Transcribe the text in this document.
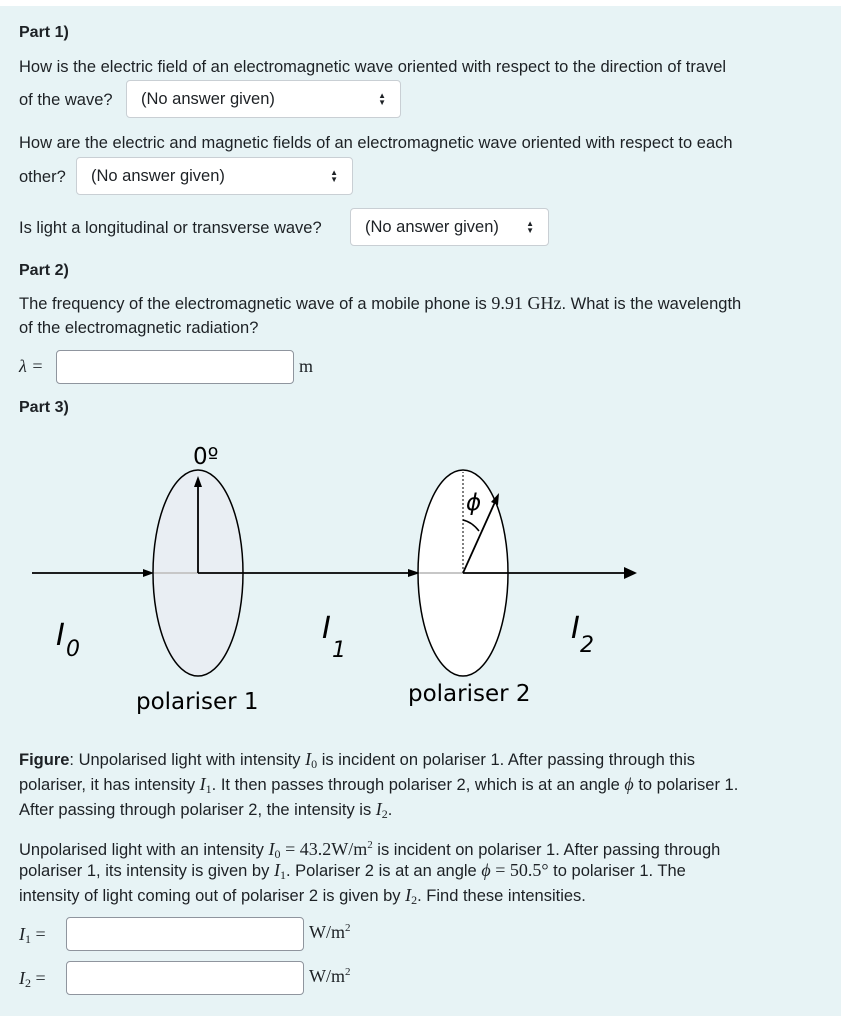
Part 1)
How is the electric field of an electromagnetic wave oriented with respect to the direction of travel
of the wave?	(No answer given)	▲
▼
How are the electric and magnetic fields of an electromagnetic wave oriented with respect to each
other?	(No answer given)	▲
▼
Is light a longitudinal or transverse wave?	(No answer given)	▲
▼
Part 2)
The frequency of the electromagnetic wave of a mobile phone is 9.91 GHz. What is the wavelength
of the electromagnetic radiation?
λ =	m
Part 3)
0º
ϕ
I 0
I
1
I 2
polariser 1	polariser 2
Figure: Unpolarised light with intensity $I_0$ is incident on polariser 1. After passing through this
polariser, it has intensity $I_1$. It then passes through polariser 2, which is at an angle ϕ to polariser 1.
After passing through polariser 2, the intensity is $I_2$.
Unpolarised light with an intensity $I_0 = 43.2W/m^2$ is incident on polariser 1. After passing through
polariser 1, its intensity is given by $I_1$. Polariser 2 is at an angle ϕ = 50.5° to polariser 1. The
intensity of light coming out of polariser 2 is given by $I_2$. Find these intensities.
$I_1$ =	$W/m^2$
$I_2$ =	$W/m^2$
